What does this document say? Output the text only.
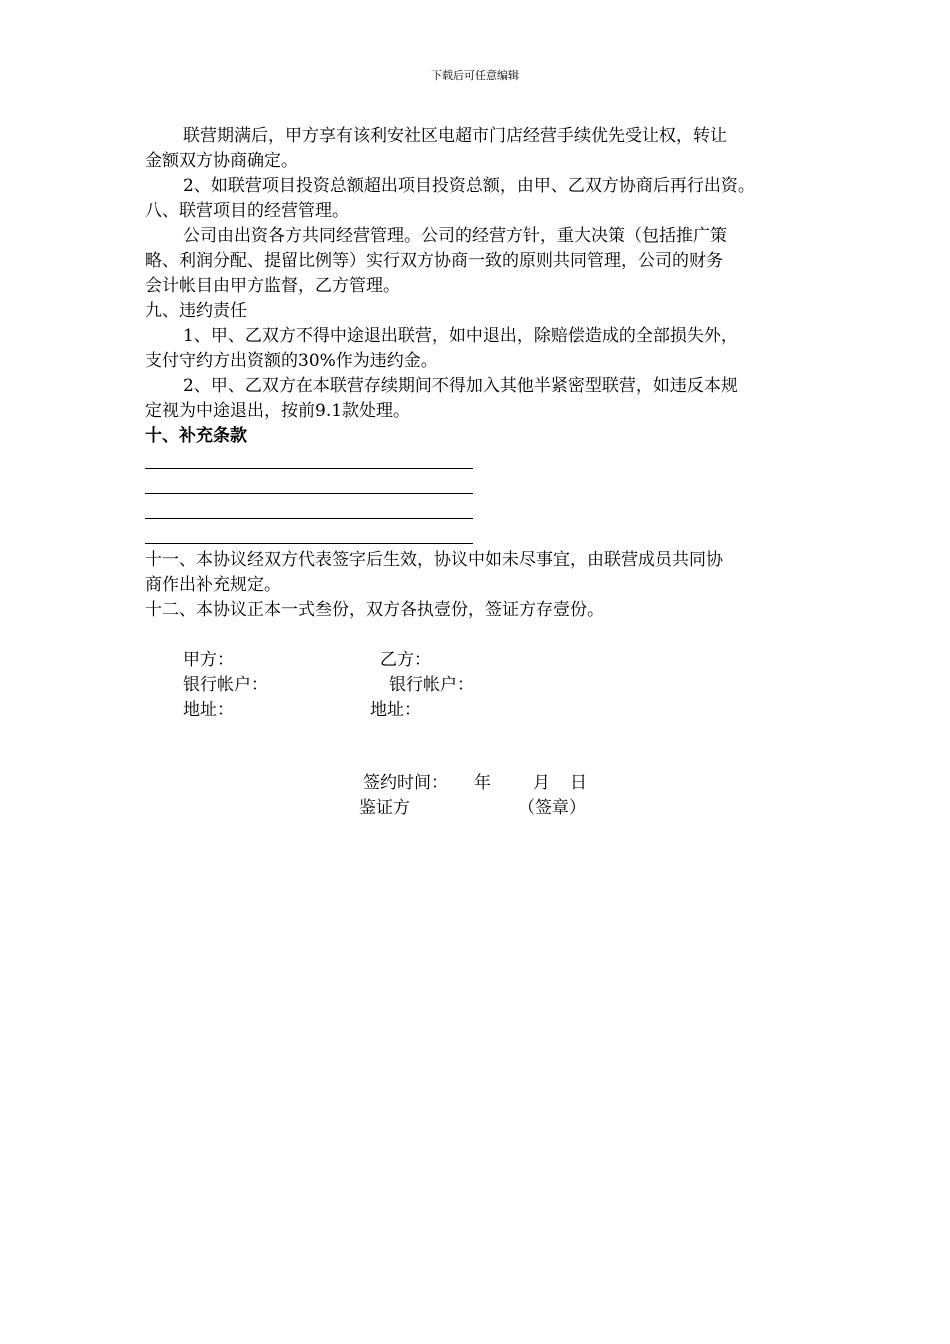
下载后可任意编辑
联营期满后，甲方享有该利安社区电超市门店经营手续优先受让权，转让
金额双方协商确定。
2、如联营项目投资总额超出项目投资总额，由甲、乙双方协商后再行出资。
八、联营项目的经营管理。
公司由出资各方共同经营管理。公司的经营方针，重大决策（包括推广策
略、利润分配、提留比例等）实行双方协商一致的原则共同管理，公司的财务
会计帐目由甲方监督，乙方管理。
九、违约责任
1、甲、乙双方不得中途退出联营，如中退出，除赔偿造成的全部损失外，
支付守约方出资额的30%作为违约金。
2、甲、乙双方在本联营存续期间不得加入其他半紧密型联营，如违反本规
定视为中途退出，按前9.1款处理。
十、补充条款
十一、本协议经双方代表签字后生效，协议中如未尽事宜，由联营成员共同协
商作出补充规定。
十二、本协议正本一式叁份，双方各执壹份，签证方存壹份。
甲方：	乙方：
银行帐户：	银行帐户：
地址：	地址：
签约时间： 年 月 日
鉴证方	（签章）
